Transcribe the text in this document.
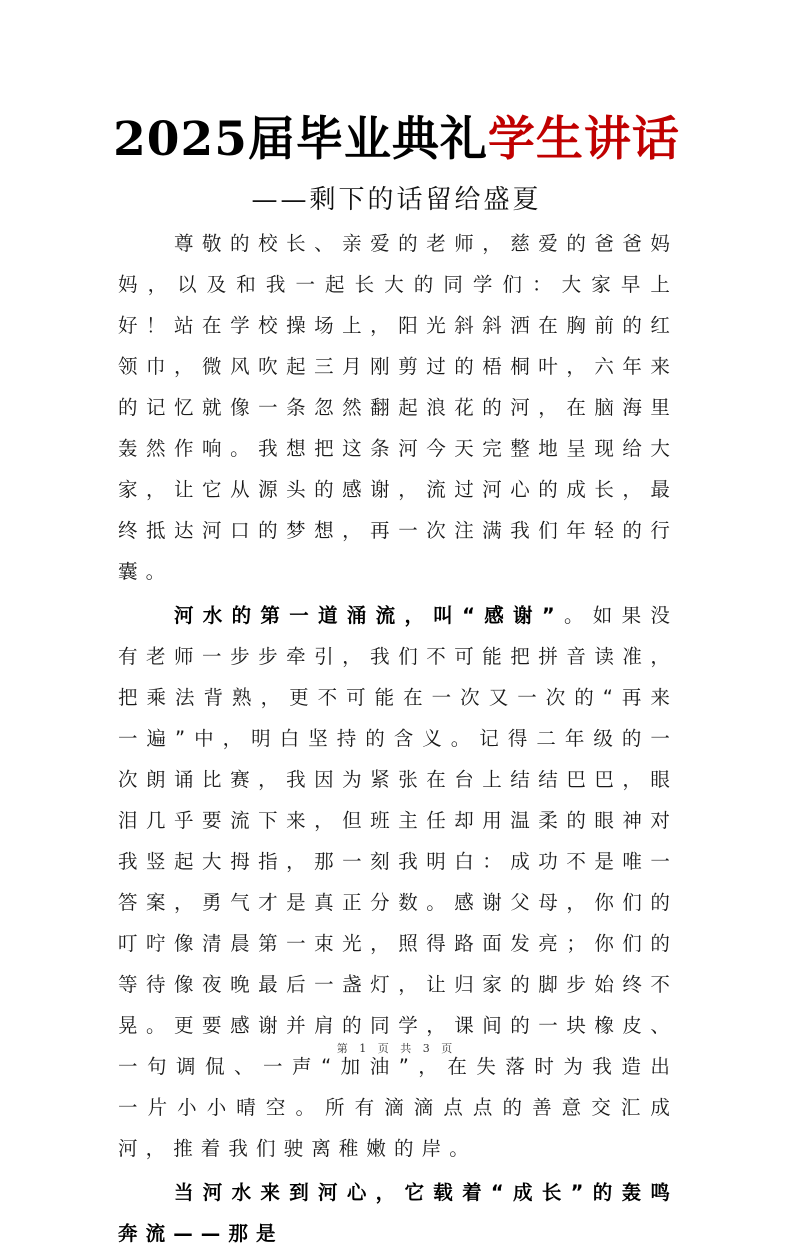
2025届毕业典礼学生讲话
——剩下的话留给盛夏

尊敬的校长、亲爱的老师，慈爱的爸爸妈妈，以及和我一起长大的同学们：大家早上好！站在学校操场上，阳光斜斜洒在胸前的红领巾，微风吹起三月刚剪过的梧桐叶，六年来的记忆就像一条忽然翻起浪花的河，在脑海里轰然作响。我想把这条河今天完整地呈现给大家，让它从源头的感谢，流过河心的成长，最终抵达河口的梦想，再一次注满我们年轻的行囊。

河水的第一道涌流，叫“感谢”。如果没有老师一步步牵引，我们不可能把拼音读准，把乘法背熟，更不可能在一次又一次的“再来一遍”中，明白坚持的含义。记得二年级的一次朗诵比赛，我因为紧张在台上结结巴巴，眼泪几乎要流下来，但班主任却用温柔的眼神对我竖起大拇指，那一刻我明白：成功不是唯一答案，勇气才是真正分数。感谢父母，你们的叮咛像清晨第一束光，照得路面发亮；你们的等待像夜晚最后一盏灯，让归家的脚步始终不晃。更要感谢并肩的同学，课间的一块橡皮、一句调侃、一声“加油”，在失落时为我造出一片小小晴空。所有滴滴点点的善意交汇成河，推着我们驶离稚嫩的岸。

当河水来到河心，它载着“成长”的轰鸣奔流——那是

第 1 页 共 3 页
